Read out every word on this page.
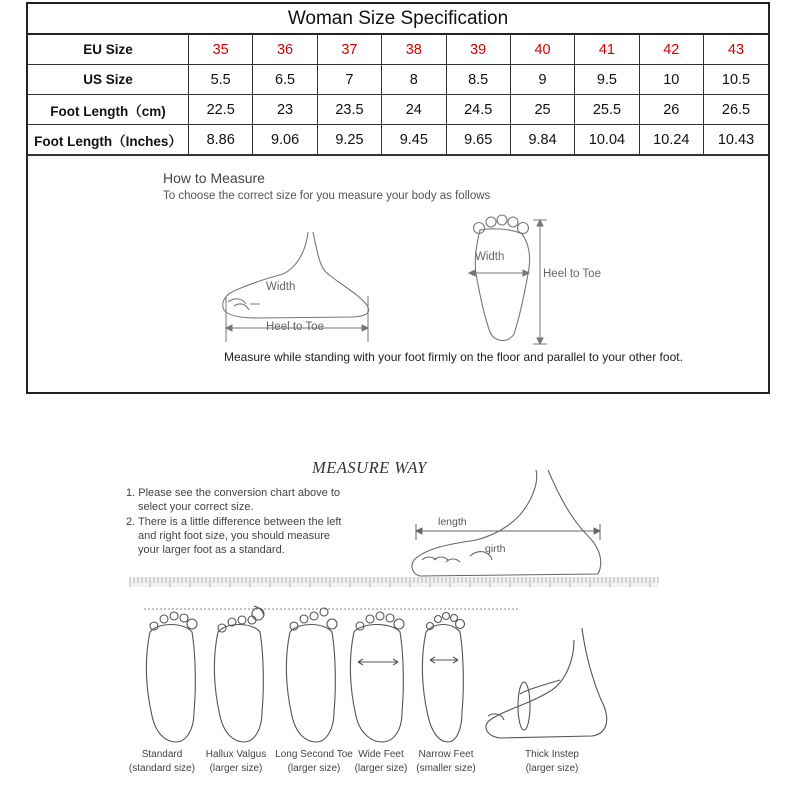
Woman Size Specification
EU Size	35	36	37	38	39	40	41	42	43
US Size	5.5	6.5	7	8	8.5	9	9.5	10	10.5
Foot Length（cm)	22.5	23	23.5	24	24.5	25	25.5	26	26.5
Foot Length（Inches）	8.86	9.06	9.25	9.45	9.65	9.84	10.04	10.24	10.43
How to Measure
To choose the correct size for you measure your body as follows
Width
Heel to Toe
Width
Heel to Toe
Measure while standing with your foot firmly on the floor and parallel to your other foot.
MEASURE WAY
1. Please see the conversion chart above to
select your correct size.
2. There is a little difference between the left
and right foot size, you should measure
your larger foot as a standard.
length
girth
Standard
(standard size)
Hallux Valgus
(larger size)
Long Second Toe
(larger size)
Wide Feet
(larger size)
Narrow Feet
(smaller size)
Thick Instep
(larger size)
